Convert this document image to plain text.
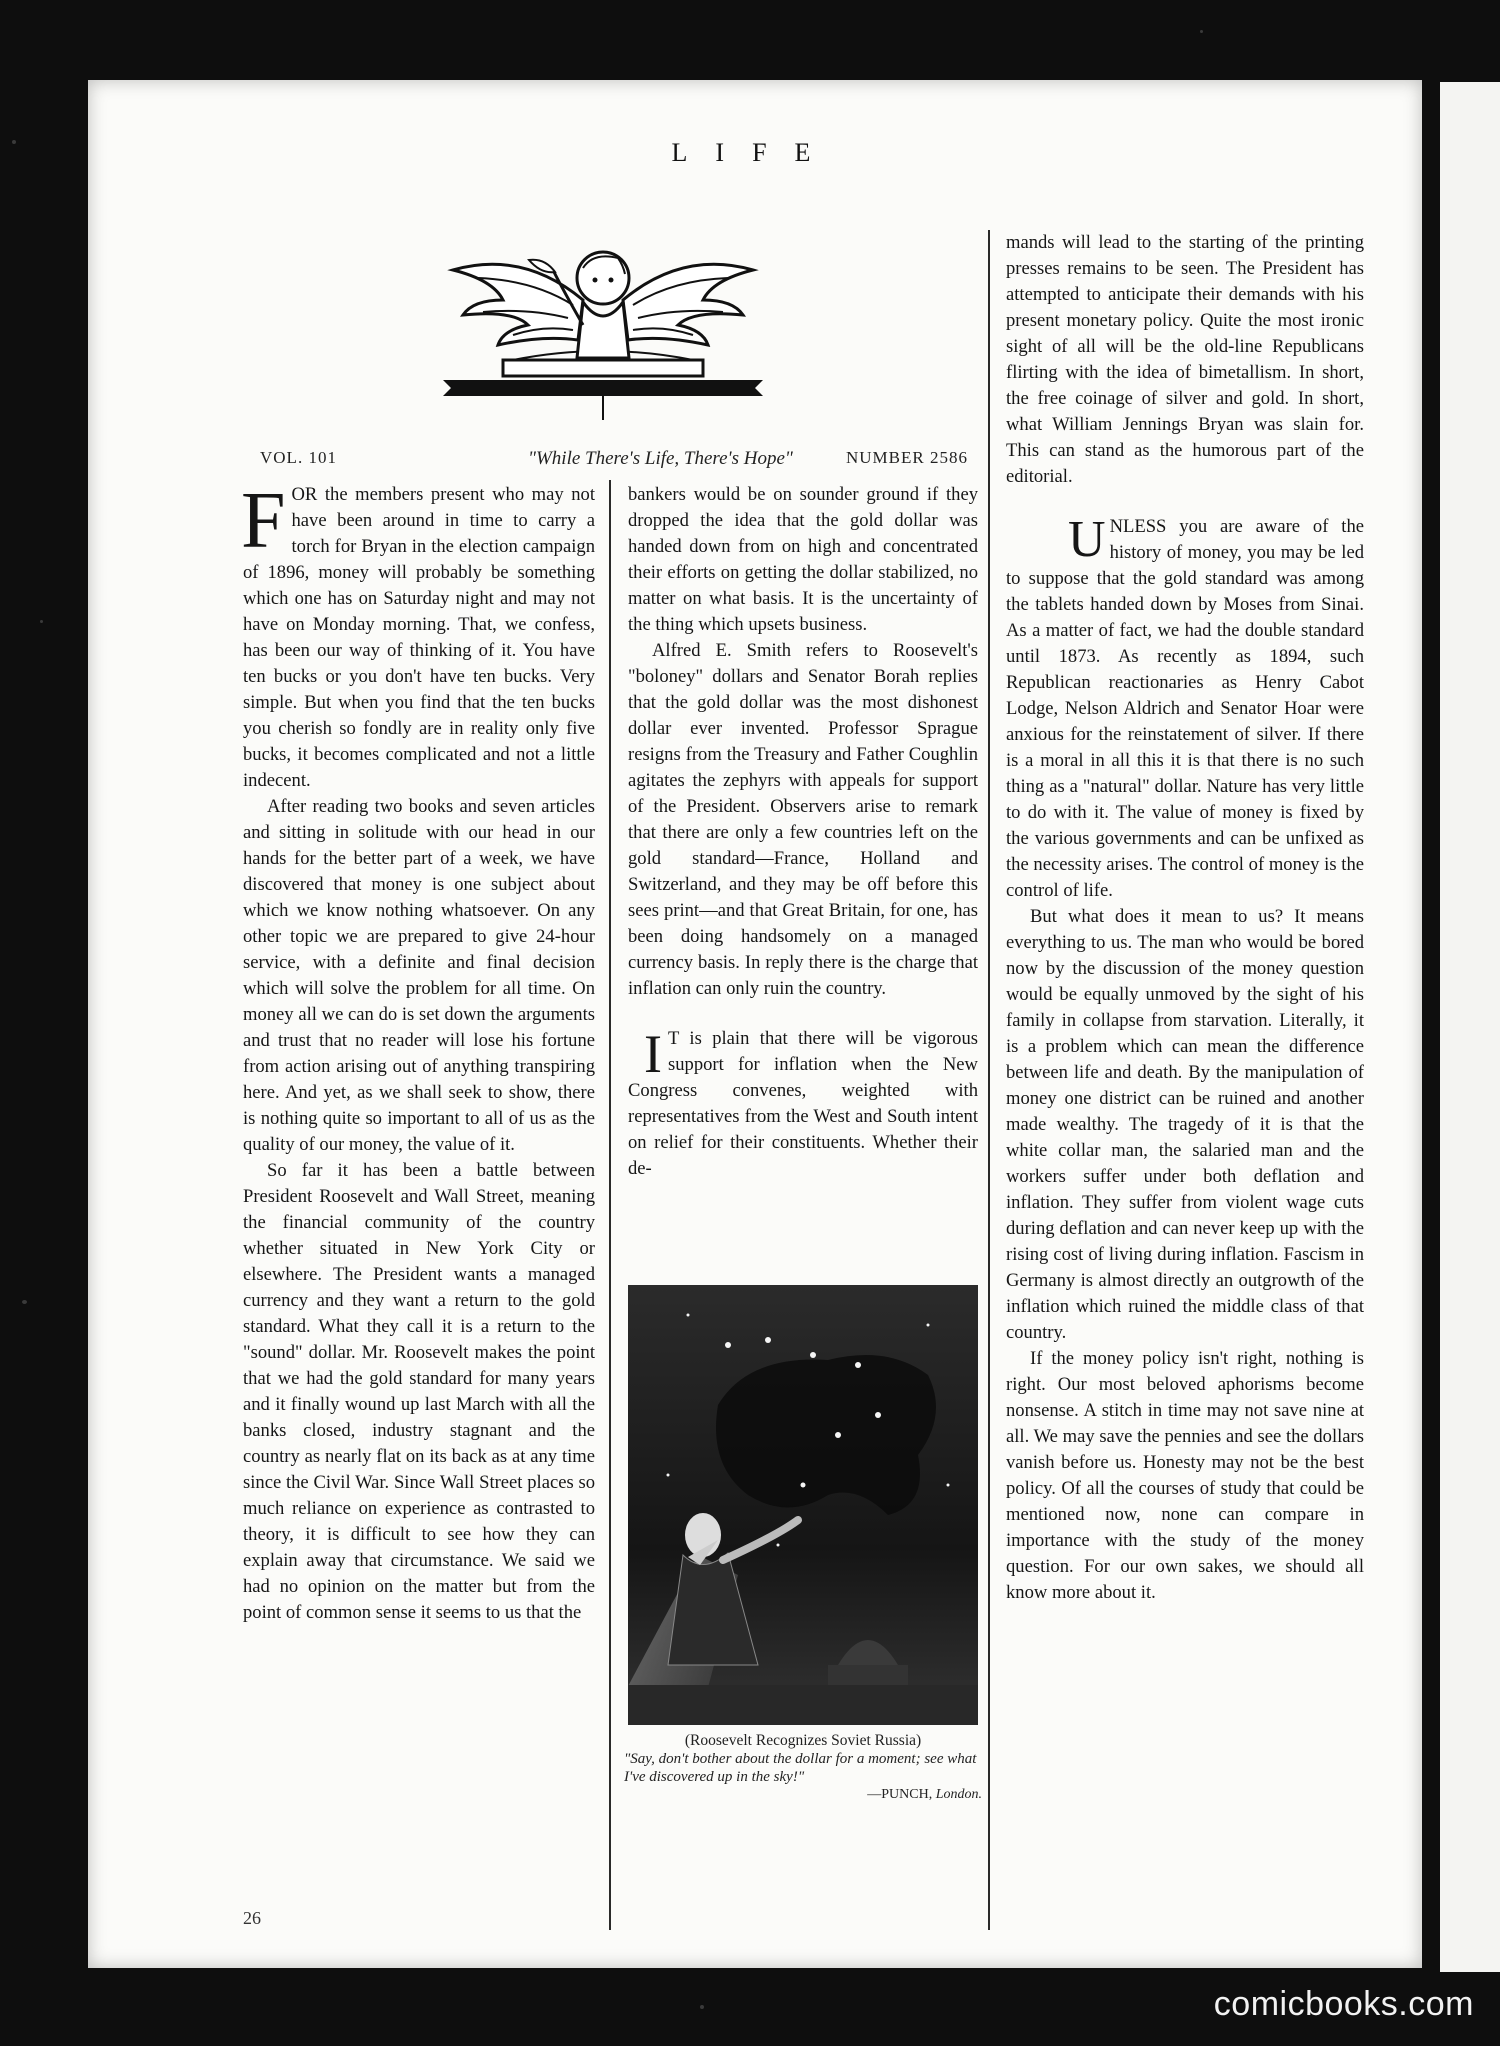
LIFE
VOL. 101	"While There's Life, There's Hope"	NUMBER 2586

FOR the members present who may not have been around in time to carry a torch for Bryan in the election campaign of 1896, money will probably be something which one has on Saturday night and may not have on Monday morning. That, we confess, has been our way of thinking of it. You have ten bucks or you don't have ten bucks. Very simple. But when you find that the ten bucks you cherish so fondly are in reality only five bucks, it becomes complicated and not a little indecent.

After reading two books and seven articles and sitting in solitude with our head in our hands for the better part of a week, we have discovered that money is one subject about which we know nothing whatsoever. On any other topic we are prepared to give 24-hour service, with a definite and final decision which will solve the problem for all time. On money all we can do is set down the arguments and trust that no reader will lose his fortune from action arising out of anything transpiring here. And yet, as we shall seek to show, there is nothing quite so important to all of us as the quality of our money, the value of it.

So far it has been a battle between President Roosevelt and Wall Street, meaning the financial community of the country whether situated in New York City or elsewhere. The President wants a managed currency and they want a return to the gold standard. What they call it is a return to the "sound" dollar. Mr. Roosevelt makes the point that we had the gold standard for many years and it finally wound up last March with all the banks closed, industry stagnant and the country as nearly flat on its back as at any time since the Civil War. Since Wall Street places so much reliance on experience as contrasted to theory, it is difficult to see how they can explain away that circumstance. We said we had no opinion on the matter but from the point of common sense it seems to us that the

bankers would be on sounder ground if they dropped the idea that the gold dollar was handed down from on high and concentrated their efforts on getting the dollar stabilized, no matter on what basis. It is the uncertainty of the thing which upsets business.

Alfred E. Smith refers to Roosevelt's "boloney" dollars and Senator Borah replies that the gold dollar was the most dishonest dollar ever invented. Professor Sprague resigns from the Treasury and Father Coughlin agitates the zephyrs with appeals for support of the President. Observers arise to remark that there are only a few countries left on the gold standard—France, Holland and Switzerland, and they may be off before this sees print—and that Great Britain, for one, has been doing handsomely on a managed currency basis. In reply there is the charge that inflation can only ruin the country.

I T is plain that there will be vigorous support for inflation when the New Congress convenes, weighted with representatives from the West and South intent on relief for their constituents. Whether their de-

(Roosevelt Recognizes Soviet Russia)
"Say, don't bother about the dollar for a moment; see what I've discovered up in the sky!"
—PUNCH, London.

mands will lead to the starting of the printing presses remains to be seen. The President has attempted to anticipate their demands with his present monetary policy. Quite the most ironic sight of all will be the old-line Republicans flirting with the idea of bimetallism. In short, the free coinage of silver and gold. In short, what William Jennings Bryan was slain for. This can stand as the humorous part of the editorial.

UNLESS you are aware of the history of money, you may be led to suppose that the gold standard was among the tablets handed down by Moses from Sinai. As a matter of fact, we had the double standard until 1873. As recently as 1894, such Republican reactionaries as Henry Cabot Lodge, Nelson Aldrich and Senator Hoar were anxious for the reinstatement of silver. If there is a moral in all this it is that there is no such thing as a "natural" dollar. Nature has very little to do with it. The value of money is fixed by the various governments and can be unfixed as the necessity arises. The control of money is the control of life.

But what does it mean to us? It means everything to us. The man who would be bored now by the discussion of the money question would be equally unmoved by the sight of his family in collapse from starvation. Literally, it is a problem which can mean the difference between life and death. By the manipulation of money one district can be ruined and another made wealthy. The tragedy of it is that the white collar man, the salaried man and the workers suffer under both deflation and inflation. They suffer from violent wage cuts during deflation and can never keep up with the rising cost of living during inflation. Fascism in Germany is almost directly an outgrowth of the inflation which ruined the middle class of that country.

If the money policy isn't right, nothing is right. Our most beloved aphorisms become nonsense. A stitch in time may not save nine at all. We may save the pennies and see the dollars vanish before us. Honesty may not be the best policy. Of all the courses of study that could be mentioned now, none can compare in importance with the study of the money question. For our own sakes, we should all know more about it.

26
comicbooks.com
